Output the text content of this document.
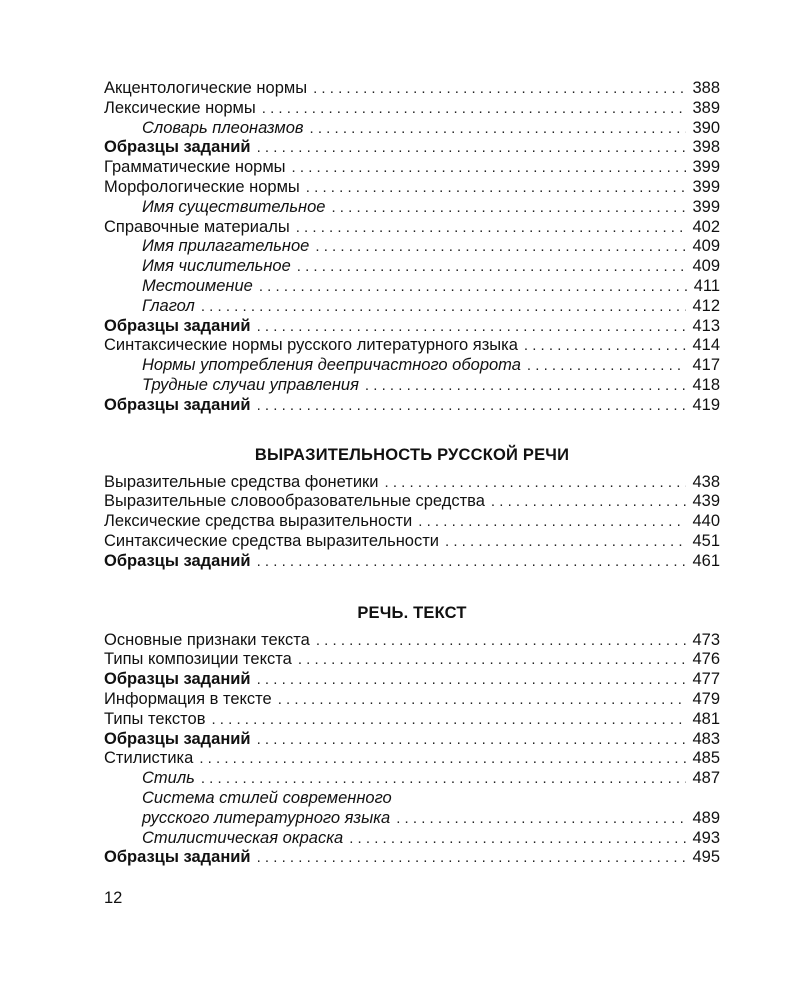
Акцентологические нормы . . .	388
Лексические нормы . . .	389
Словарь плеоназмов . . .	390
Образцы заданий . . .	398
Грамматические нормы . . .	399
Морфологические нормы . . .	399
Имя существительное . . .	399
Справочные материалы . . .	402
Имя прилагательное . . .	409
Имя числительное . . .	409
Местоимение . . .	411
Глагол . . .	412
Образцы заданий . . .	413
Синтаксические нормы русского литературного языка . . .	414
Нормы употребления деепричастного оборота . . .	417
Трудные случаи управления . . .	418
Образцы заданий . . .	419
ВЫРАЗИТЕЛЬНОСТЬ РУССКОЙ РЕЧИ
Выразительные средства фонетики . . .	438
Выразительные словообразовательные средства . . .	439
Лексические средства выразительности . . .	440
Синтаксические средства выразительности . . .	451
Образцы заданий . . .	461
РЕЧЬ. ТЕКСТ
Основные признаки текста . . .	473
Типы композиции текста . . .	476
Образцы заданий . . .	477
Информация в тексте . . .	479
Типы текстов . . .	481
Образцы заданий . . .	483
Стилистика . . .	485
Стиль . . .	487
Система стилей современного
русского литературного языка . . .	489
Стилистическая окраска . . .	493
Образцы заданий . . .	495
12
